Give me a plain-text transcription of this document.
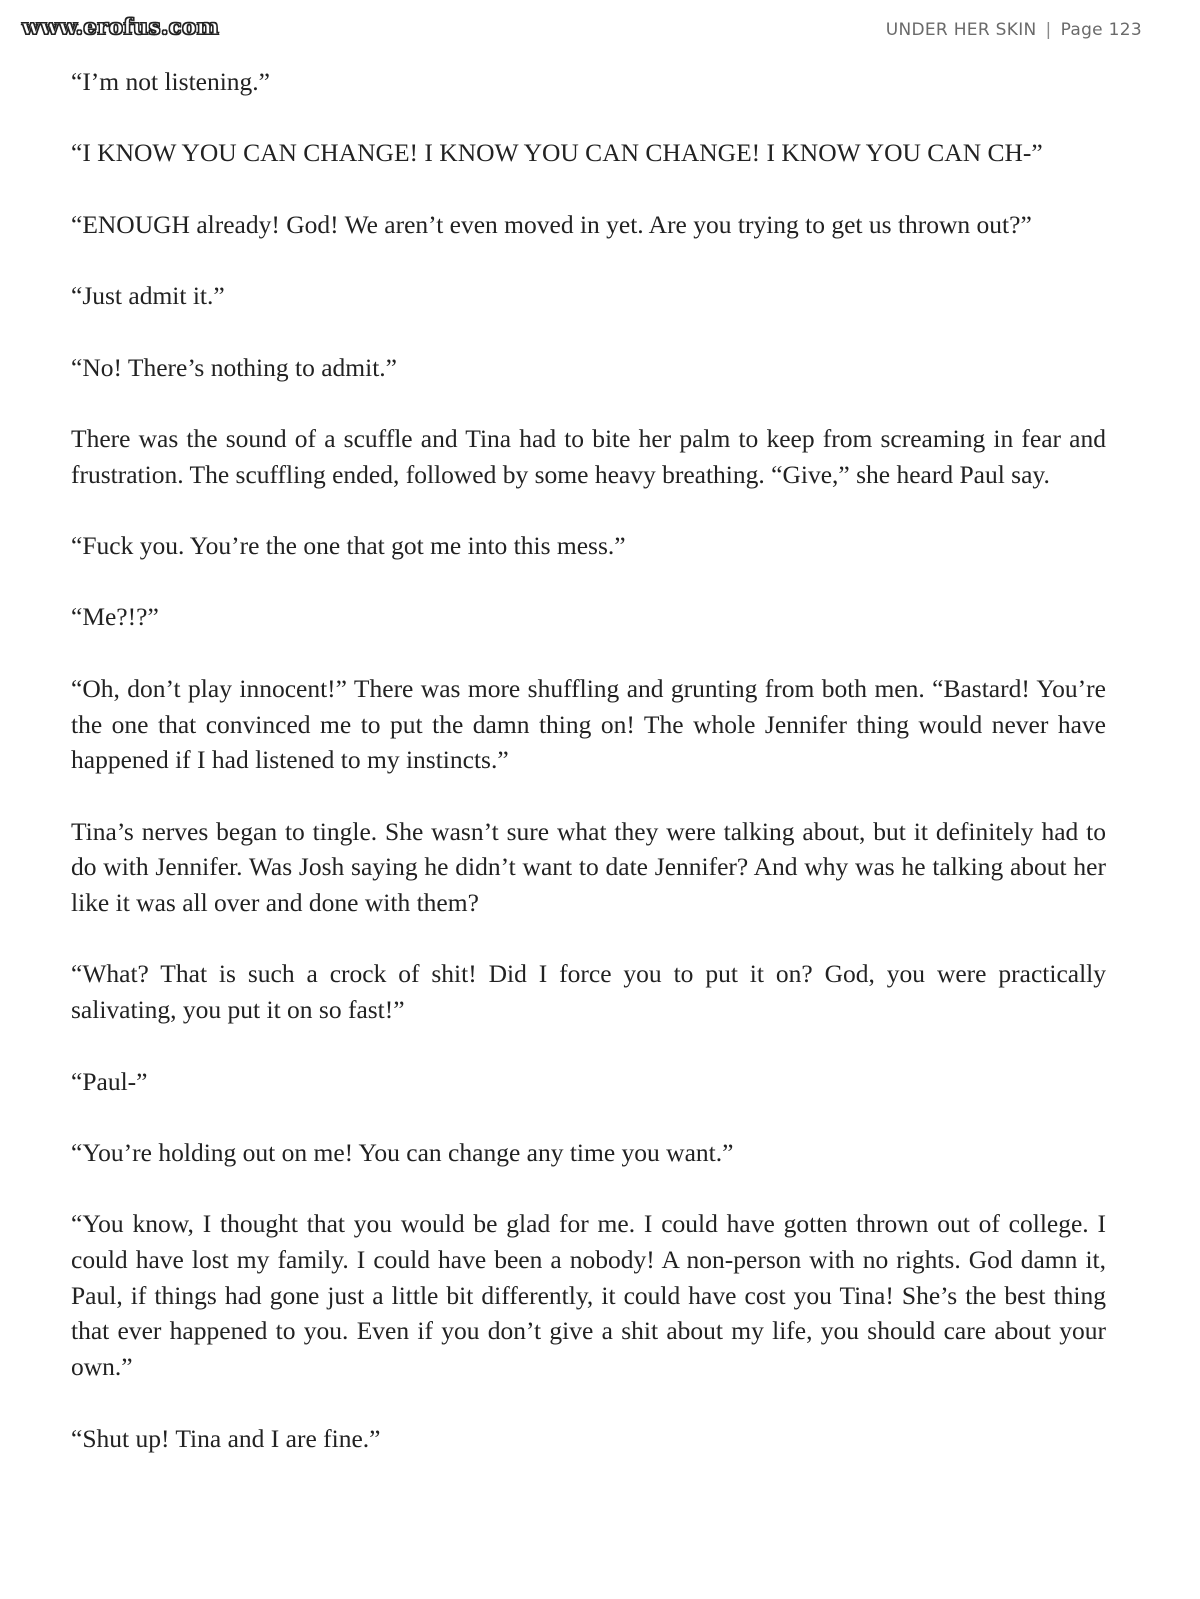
www.erofus.com	UNDER HER SKIN | Page 123

“I’m not listening.”

“I KNOW YOU CAN CHANGE! I KNOW YOU CAN CHANGE! I KNOW YOU CAN CH-”

“ENOUGH already! God! We aren’t even moved in yet. Are you trying to get us thrown out?”

“Just admit it.”

“No! There’s nothing to admit.”

There was the sound of a scuffle and Tina had to bite her palm to keep from screaming in fear and frustration. The scuffling ended, followed by some heavy breathing. “Give,” she heard Paul say.

“Fuck you. You’re the one that got me into this mess.”

“Me?!?”

“Oh, don’t play innocent!” There was more shuffling and grunting from both men. “Bastard! You’re the one that convinced me to put the damn thing on! The whole Jennifer thing would never have happened if I had listened to my instincts.”

Tina’s nerves began to tingle. She wasn’t sure what they were talking about, but it definitely had to do with Jennifer. Was Josh saying he didn’t want to date Jennifer? And why was he talking about her like it was all over and done with them?

“What? That is such a crock of shit! Did I force you to put it on? God, you were practically salivating, you put it on so fast!”

“Paul-”

“You’re holding out on me! You can change any time you want.”

“You know, I thought that you would be glad for me. I could have gotten thrown out of college. I could have lost my family. I could have been a nobody! A non-person with no rights. God damn it, Paul, if things had gone just a little bit differently, it could have cost you Tina! She’s the best thing that ever happened to you. Even if you don’t give a shit about my life, you should care about your own.”

“Shut up! Tina and I are fine.”
